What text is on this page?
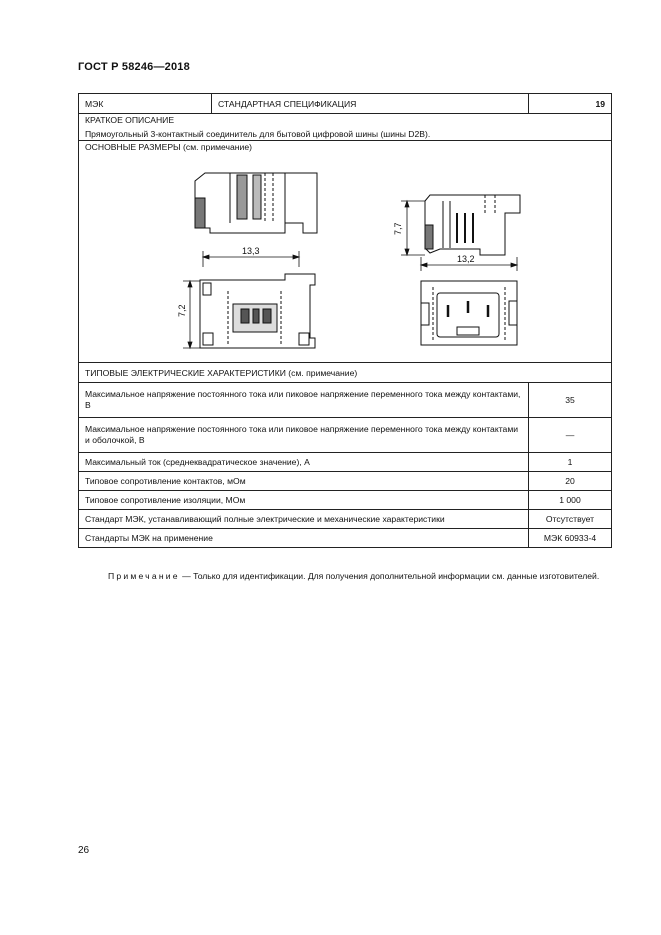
ГОСТ Р 58246—2018
МЭК	СТАНДАРТНАЯ СПЕЦИФИКАЦИЯ	19

КРАТКОЕ ОПИСАНИЕ
Прямоугольный 3-контактный соединитель для бытовой цифровой шины (шины D2B).		

ОСНОВНЫЕ РАЗМЕРЫ (см. примечание)
13,3
7,2
7,7
13,2		

ТИПОВЫЕ ЭЛЕКТРИЧЕСКИЕ ХАРАКТЕРИСТИКИ (см. примечание)		
Максимальное напряжение постоянного тока или пиковое напряжение переменного тока между контактами, В		35
Максимальное напряжение постоянного тока или пиковое напряжение переменного тока между контактами и оболочкой, В		—
Максимальный ток (среднеквадратическое значение), А		1
Типовое сопротивление контактов, мОм		20
Типовое сопротивление изоляции, МОм		1 000
Стандарт МЭК, устанавливающий полные электрические и механические характеристики		Отсутствует
Стандарты МЭК на применение		МЭК 60933-4
Примечание — Только для идентификации. Для получения дополнительной информации см. данные изготовителей.
26
